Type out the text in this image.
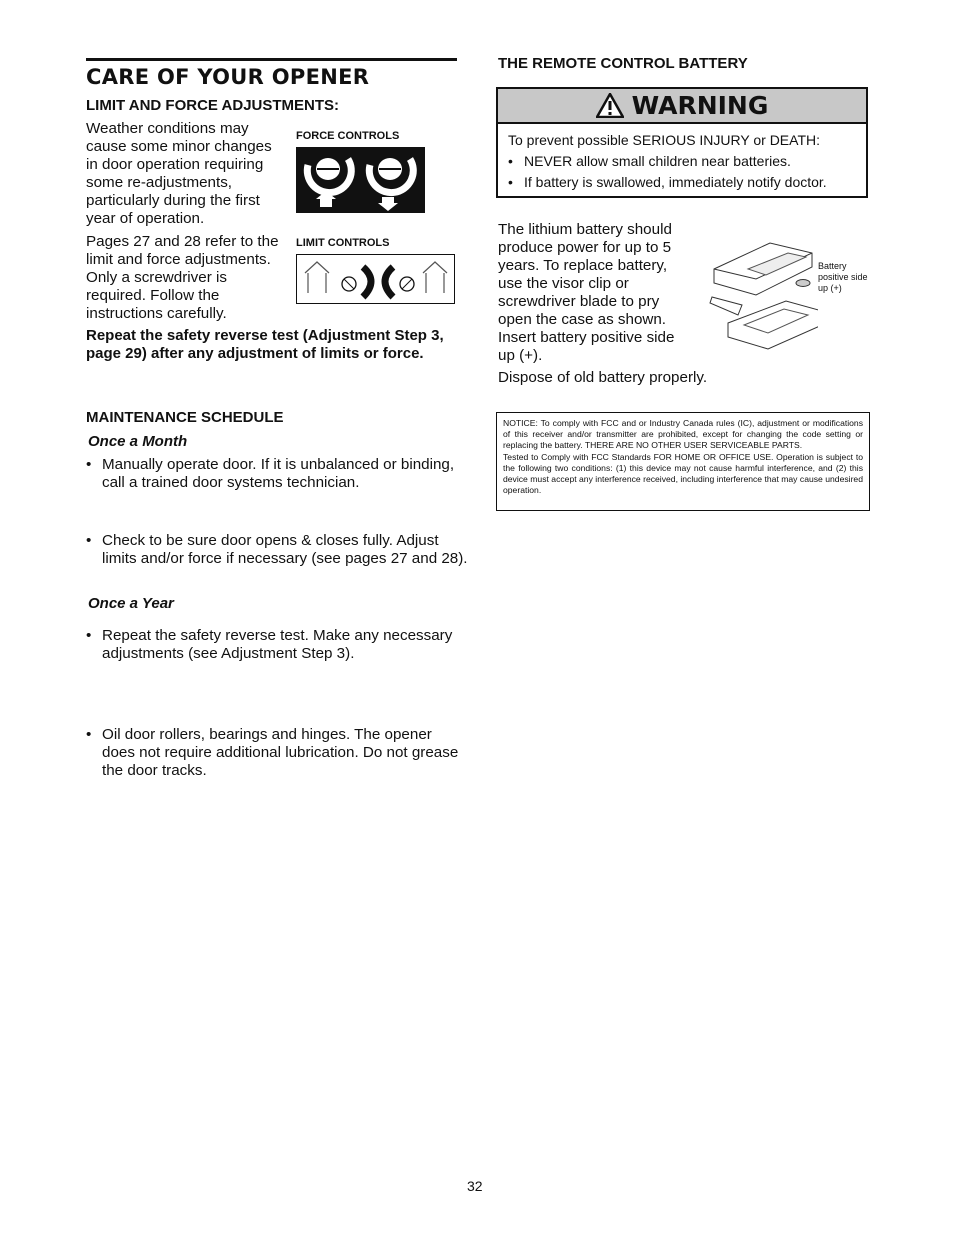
CARE OF YOUR OPENER
LIMIT AND FORCE ADJUSTMENTS:
Weather conditions may cause some minor changes in door operation requiring some re-adjustments, particularly during the first year of operation.
Pages 27 and 28 refer to the limit and force adjustments. Only a screwdriver is required. Follow the instructions carefully.
FORCE CONTROLS
LIMIT CONTROLS
Repeat the safety reverse test (Adjustment Step 3, page 29) after any adjustment of limits or force.
MAINTENANCE SCHEDULE
Once a Month
• Manually operate door. If it is unbalanced or binding, call a trained door systems technician.
• Check to be sure door opens & closes fully. Adjust limits and/or force if necessary (see pages 27 and 28).
• Repeat the safety reverse test. Make any necessary adjustments (see Adjustment Step 3).
Once a Year
• Oil door rollers, bearings and hinges. The opener does not require additional lubrication. Do not grease the door tracks.
THE REMOTE CONTROL BATTERY
WARNING
To prevent possible SERIOUS INJURY or DEATH:
• NEVER allow small children near batteries.
• If battery is swallowed, immediately notify doctor.
The lithium battery should produce power for up to 5 years. To replace battery, use the visor clip or screwdriver blade to pry open the case as shown. Insert battery positive side up (+).
Dispose of old battery properly.
Battery positive side up (+)

NOTICE: To comply with FCC and or Industry Canada rules (IC), adjustment or modifications of this receiver and/or transmitter are prohibited, except for changing the code setting or replacing the battery. THERE ARE NO OTHER USER SERVICEABLE PARTS.

Tested to Comply with FCC Standards FOR HOME OR OFFICE USE. Operation is subject to the following two conditions: (1) this device may not cause harmful interference, and (2) this device must accept any interference received, including interference that may cause undesired operation.

32
